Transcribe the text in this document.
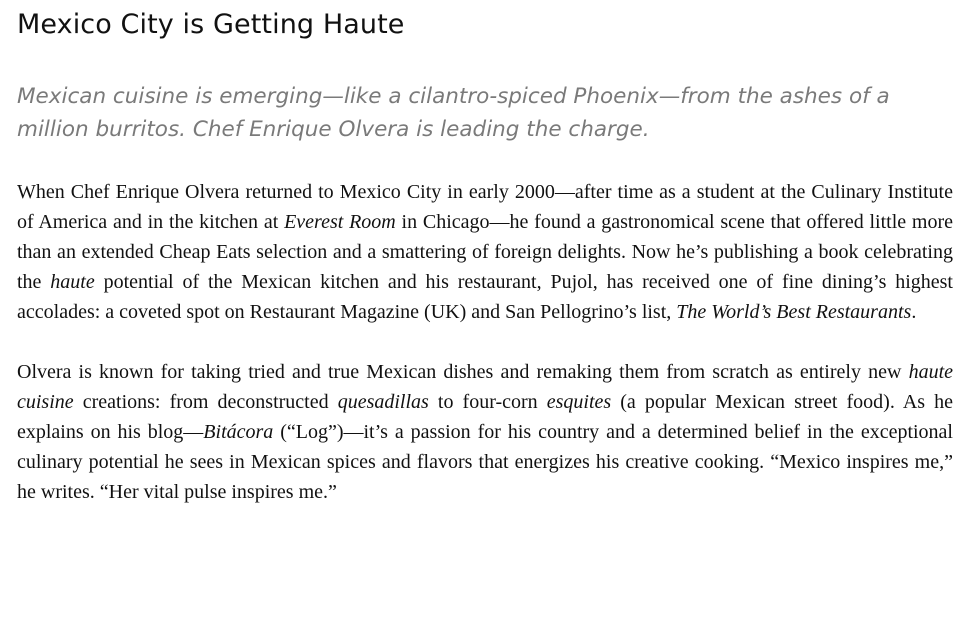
Mexico City is Getting Haute

Mexican cuisine is emerging—like a cilantro-spiced Phoenix—from the ashes of a million burritos. Chef Enrique Olvera is leading the charge.

When Chef Enrique Olvera returned to Mexico City in early 2000—after time as a student at the Culinary Institute of America and in the kitchen at Everest Room in Chicago—he found a gastronomical scene that offered little more than an extended Cheap Eats selection and a smattering of foreign delights. Now he’s publishing a book celebrating the haute potential of the Mexican kitchen and his restaurant, Pujol, has received one of fine dining’s highest accolades: a coveted spot on Restaurant Magazine (UK) and San Pellogrino’s list, The World’s Best Restaurants.

Olvera is known for taking tried and true Mexican dishes and remaking them from scratch as entirely new haute cuisine creations: from deconstructed quesadillas to four-corn esquites (a popular Mexican street food). As he explains on his blog—Bitácora (“Log”)—it’s a passion for his country and a determined belief in the exceptional culinary potential he sees in Mexican spices and flavors that energizes his creative cooking. “Mexico inspires me,” he writes. “Her vital pulse inspires me.”
